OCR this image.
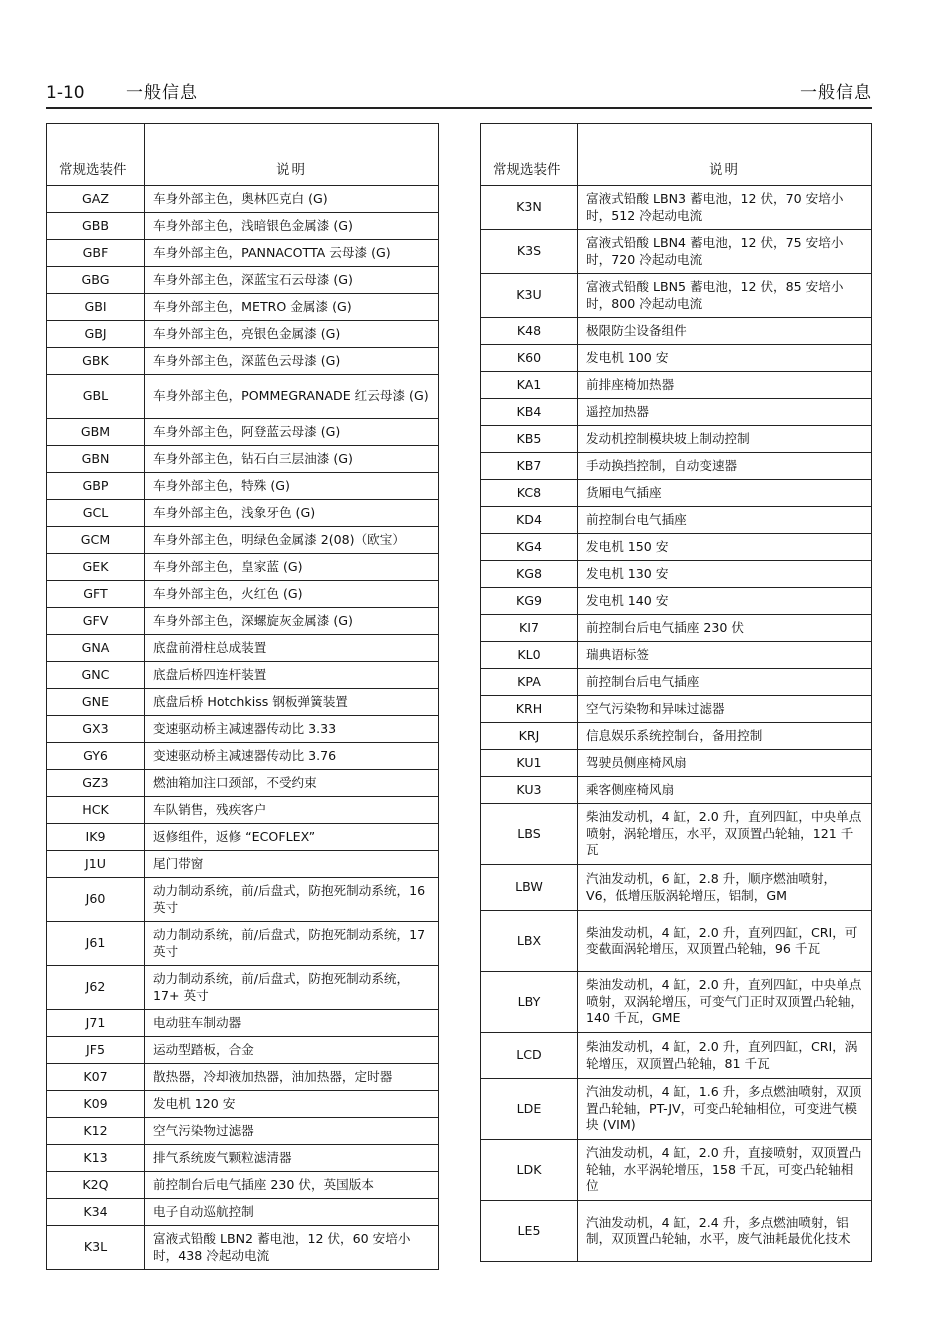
1-10 一般信息	一般信息
常规选装件	说明
GAZ	车身外部主色，奥林匹克白 (G)
GBB	车身外部主色，浅暗银色金属漆 (G)
GBF	车身外部主色，PANNACOTTA 云母漆 (G)
GBG	车身外部主色，深蓝宝石云母漆 (G)
GBI	车身外部主色，METRO 金属漆 (G)
GBJ	车身外部主色，亮银色金属漆 (G)
GBK	车身外部主色，深蓝色云母漆 (G)
GBL	车身外部主色，POMMEGRANADE 红云母漆 (G)
GBM	车身外部主色，阿登蓝云母漆 (G)
GBN	车身外部主色，钻石白三层油漆 (G)
GBP	车身外部主色，特殊 (G)
GCL	车身外部主色，浅象牙色 (G)
GCM	车身外部主色，明绿色金属漆 2(08)（欧宝）
GEK	车身外部主色，皇家蓝 (G)
GFT	车身外部主色，火红色 (G)
GFV	车身外部主色，深螺旋灰金属漆 (G)
GNA	底盘前滑柱总成装置
GNC	底盘后桥四连杆装置
GNE	底盘后桥 Hotchkiss 钢板弹簧装置
GX3	变速驱动桥主减速器传动比 3.33
GY6	变速驱动桥主减速器传动比 3.76
GZ3	燃油箱加注口颈部，不受约束
HCK	车队销售，残疾客户
IK9	返修组件，返修 “ECOFLEX”
J1U	尾门带窗
J60	动力制动系统，前/后盘式，防抱死制动系统，16 英寸
J61	动力制动系统，前/后盘式，防抱死制动系统，17 英寸
J62	动力制动系统，前/后盘式，防抱死制动系统，17+ 英寸
J71	电动驻车制动器
JF5	运动型踏板，合金
K07	散热器，冷却液加热器，油加热器，定时器
K09	发电机 120 安
K12	空气污染物过滤器
K13	排气系统废气颗粒滤清器
K2Q	前控制台后电气插座 230 伏，英国版本
K34	电子自动巡航控制
K3L	富液式铅酸 LBN2 蓄电池，12 伏，60 安培小时，438 冷起动电流
常规选装件	说明
K3N	富液式铅酸 LBN3 蓄电池，12 伏，70 安培小时，512 冷起动电流
K3S	富液式铅酸 LBN4 蓄电池，12 伏，75 安培小时，720 冷起动电流
K3U	富液式铅酸 LBN5 蓄电池，12 伏，85 安培小时，800 冷起动电流
K48	极限防尘设备组件
K60	发电机 100 安
KA1	前排座椅加热器
KB4	遥控加热器
KB5	发动机控制模块坡上制动控制
KB7	手动换挡控制，自动变速器
KC8	货厢电气插座
KD4	前控制台电气插座
KG4	发电机 150 安
KG8	发电机 130 安
KG9	发电机 140 安
KI7	前控制台后电气插座 230 伏
KL0	瑞典语标签
KPA	前控制台后电气插座
KRH	空气污染物和异味过滤器
KRJ	信息娱乐系统控制台，备用控制
KU1	驾驶员侧座椅风扇
KU3	乘客侧座椅风扇
LBS	柴油发动机，4 缸，2.0 升，直列四缸，中央单点喷射，涡轮增压，水平，双顶置凸轮轴，121 千瓦
LBW	汽油发动机，6 缸，2.8 升，顺序燃油喷射，V6，低增压版涡轮增压，铝制，GM
LBX	柴油发动机，4 缸，2.0 升，直列四缸，CRI，可变截面涡轮增压，双顶置凸轮轴，96 千瓦
LBY	柴油发动机，4 缸，2.0 升，直列四缸，中央单点喷射，双涡轮增压，可变气门正时双顶置凸轮轴，140 千瓦，GME
LCD	柴油发动机，4 缸，2.0 升，直列四缸，CRI，涡轮增压，双顶置凸轮轴，81 千瓦
LDE	汽油发动机，4 缸，1.6 升，多点燃油喷射，双顶置凸轮轴，PT-JV，可变凸轮轴相位，可变进气模块 (VIM)
LDK	汽油发动机，4 缸，2.0 升，直接喷射，双顶置凸轮轴，水平涡轮增压，158 千瓦，可变凸轮轴相位
LE5	汽油发动机，4 缸，2.4 升，多点燃油喷射，铝制，双顶置凸轮轴，水平，废气油耗最优化技术
